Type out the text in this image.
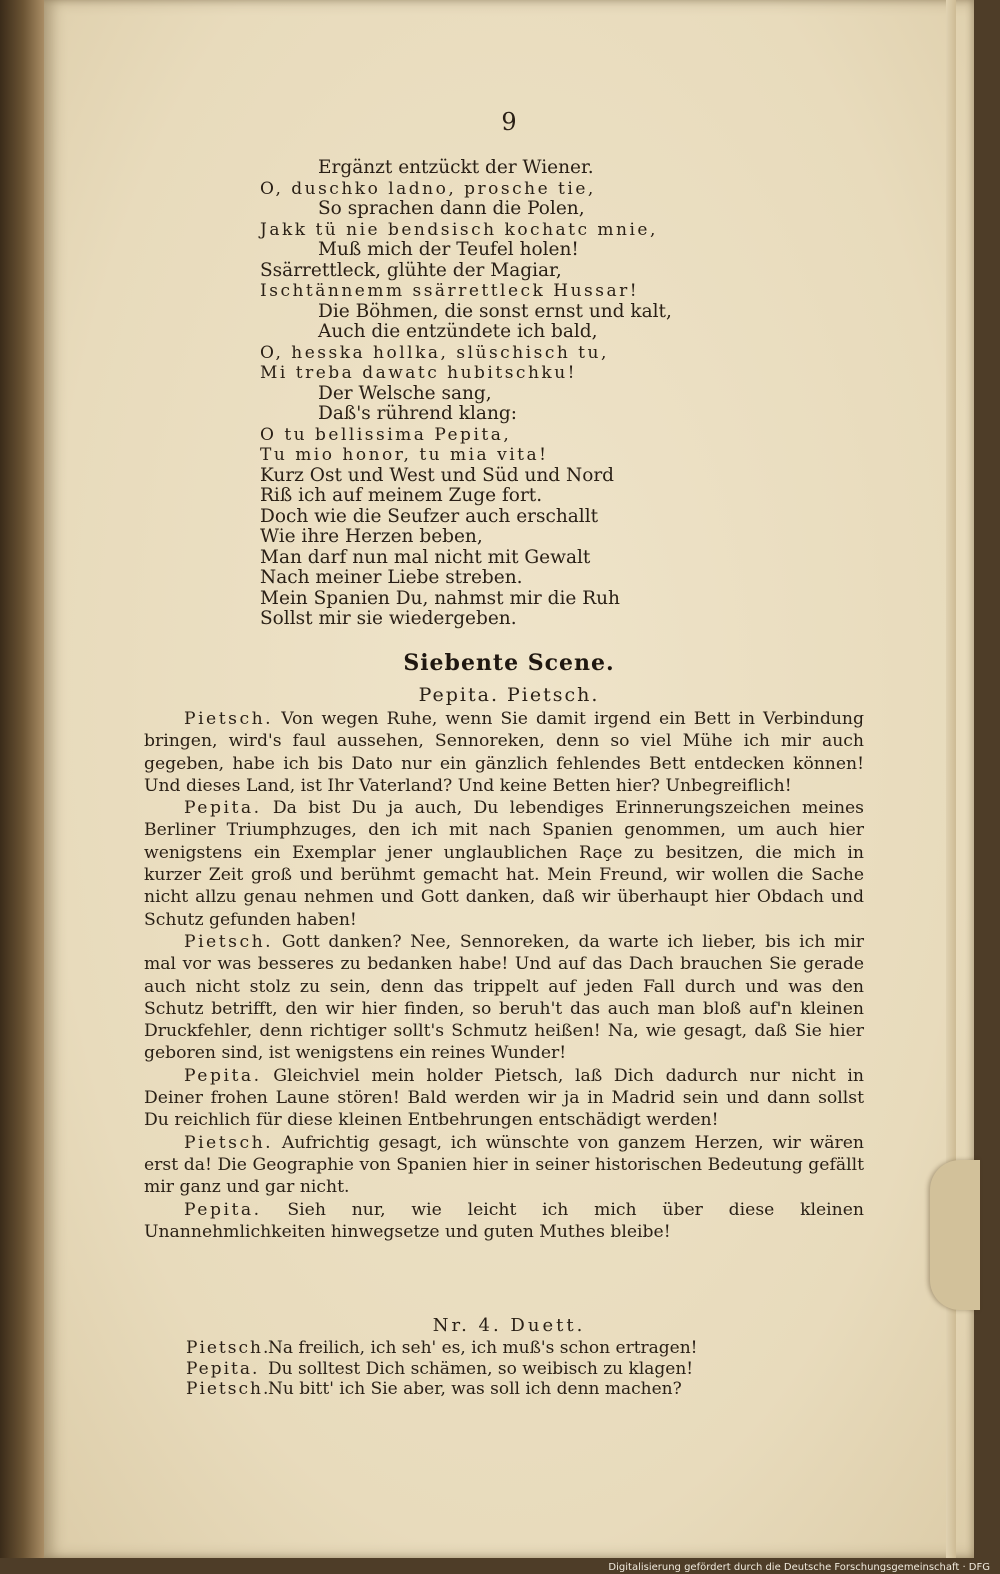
9
Ergänzt entzückt der Wiener.
O, duschko ladno, prosche tie,
So sprachen dann die Polen,
Jakk tü nie bendsisch kochatc mnie,
Muß mich der Teufel holen!
Ssärrettleck, glühte der Magiar,
Ischtännemm ssärrettleck Hussar!
Die Böhmen, die sonst ernst und kalt,
Auch die entzündete ich bald,
O, hesska hollka, slüschisch tu,
Mi treba dawatc hubitschku!
Der Welsche sang,
Daß's rührend klang:
O tu bellissima Pepita,
Tu mio honor, tu mia vita!
Kurz Ost und West und Süd und Nord
Riß ich auf meinem Zuge fort.
Doch wie die Seufzer auch erschallt
Wie ihre Herzen beben,
Man darf nun mal nicht mit Gewalt
Nach meiner Liebe streben.
Mein Spanien Du, nahmst mir die Ruh
Sollst mir sie wiedergeben.
Siebente Scene.
Pepita. Pietsch.

Pietsch. Von wegen Ruhe, wenn Sie damit irgend ein Bett in Verbindung bringen, wird's faul aussehen, Sennoreken, denn so viel Mühe ich mir auch gegeben, habe ich bis Dato nur ein gänzlich fehlendes Bett entdecken können! Und dieses Land, ist Ihr Vaterland? Und keine Betten hier? Unbegreiflich!

Pepita. Da bist Du ja auch, Du lebendiges Erinnerungszeichen meines Berliner Triumphzuges, den ich mit nach Spanien genommen, um auch hier wenigstens ein Exemplar jener unglaublichen Raçe zu besitzen, die mich in kurzer Zeit groß und berühmt gemacht hat. Mein Freund, wir wollen die Sache nicht allzu genau nehmen und Gott danken, daß wir überhaupt hier Obdach und Schutz gefunden haben!

Pietsch. Gott danken? Nee, Sennoreken, da warte ich lieber, bis ich mir mal vor was besseres zu bedanken habe! Und auf das Dach brauchen Sie gerade auch nicht stolz zu sein, denn das trippelt auf jeden Fall durch und was den Schutz betrifft, den wir hier finden, so beruh't das auch man bloß auf'n kleinen Druckfehler, denn richtiger sollt's Schmutz heißen! Na, wie gesagt, daß Sie hier geboren sind, ist wenigstens ein reines Wunder!

Pepita. Gleichviel mein holder Pietsch, laß Dich dadurch nur nicht in Deiner frohen Laune stören! Bald werden wir ja in Madrid sein und dann sollst Du reichlich für diese kleinen Entbehrungen entschädigt werden!

Pietsch. Aufrichtig gesagt, ich wünschte von ganzem Herzen, wir wären erst da! Die Geographie von Spanien hier in seiner historischen Bedeutung gefällt mir ganz und gar nicht.

Pepita. Sieh nur, wie leicht ich mich über diese kleinen Unannehmlichkeiten hinwegsetze und guten Muthes bleibe!

Nr. 4. Duett.
Pietsch.Na freilich, ich seh' es, ich muß's schon ertragen!
Pepita. Du solltest Dich schämen, so weibisch zu klagen!
Pietsch.Nu bitt' ich Sie aber, was soll ich denn machen?
Digitalisierung gefördert durch die Deutsche Forschungsgemeinschaft · DFG
